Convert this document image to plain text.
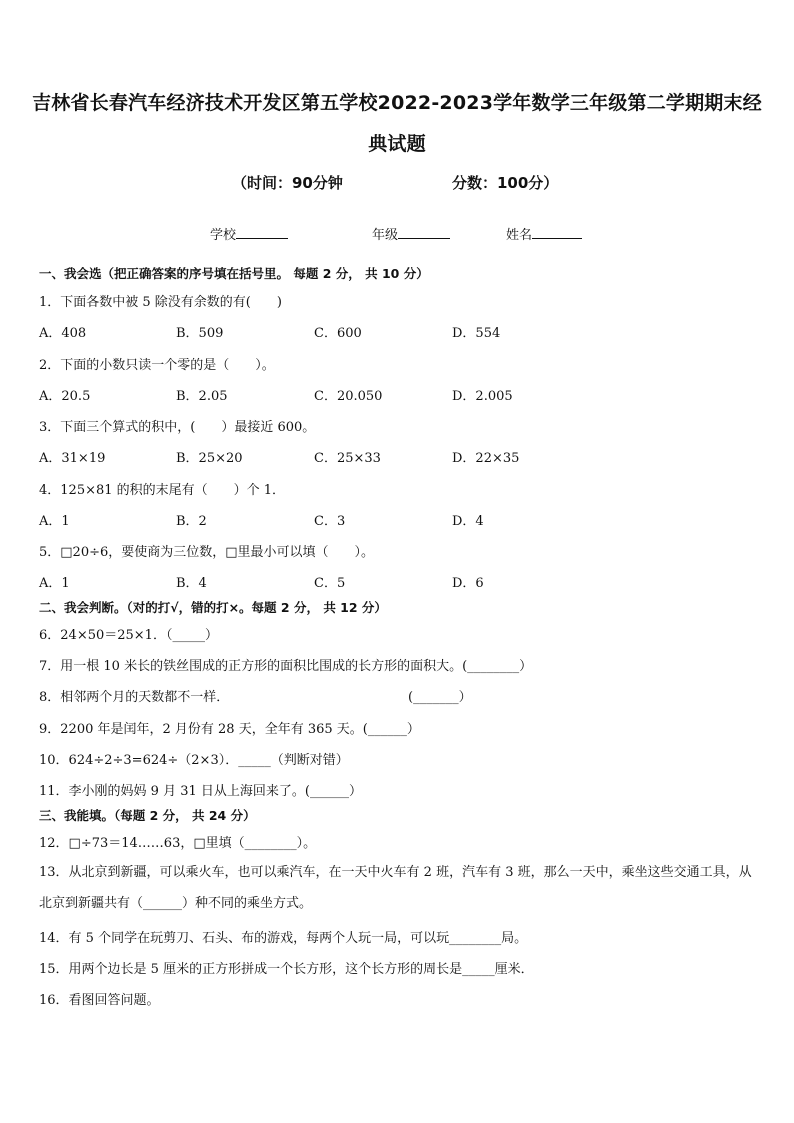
吉林省长春汽车经济技术开发区第五学校2022-2023学年数学三年级第二学期期末经
典试题
（时间：90分钟	分数：100分）
学校	年级	姓名
一、我会选（把正确答案的序号填在括号里。 每题 2 分， 共 10 分）
1．下面各数中被 5 除没有余数的有(　　)
A．408	B．509	C．600	D．554
2．下面的小数只读一个零的是（　　）。
A．20.5	B．2.05	C．20.050	D．2.005
3．下面三个算式的积中，(　　）最接近 600。
A．31×19	B．25×20	C．25×33	D．22×35
4．125×81 的积的末尾有（　　）个 1．
A．1	B．2	C．3	D．4
5．□20÷6，要使商为三位数，□里最小可以填（　　）。
A．1	B．4	C．5	D．6
二、我会判断。（对的打√，错的打×。每题 2 分， 共 12 分）
6．24×50＝25×1．（_____）
7．用一根 10 米长的铁丝围成的正方形的面积比围成的长方形的面积大。(________）
8．相邻两个月的天数都不一样．	(_______）
9．2200 年是闰年，2 月份有 28 天，全年有 365 天。(______）
10．624÷2÷3=624÷（2×3）．_____（判断对错）
11．李小刚的妈妈 9 月 31 日从上海回来了。(______）
三、我能填。（每题 2 分， 共 24 分）
12．□÷73＝14……63，□里填（________）。
13．从北京到新疆，可以乘火车，也可以乘汽车，在一天中火车有 2 班，汽车有 3 班，那么一天中，乘坐这些交通工具，从北京到新疆共有（______）种不同的乘坐方式。
14．有 5 个同学在玩剪刀、石头、布的游戏，每两个人玩一局，可以玩________局。
15．用两个边长是 5 厘米的正方形拼成一个长方形，这个长方形的周长是_____厘米．
16．看图回答问题。
